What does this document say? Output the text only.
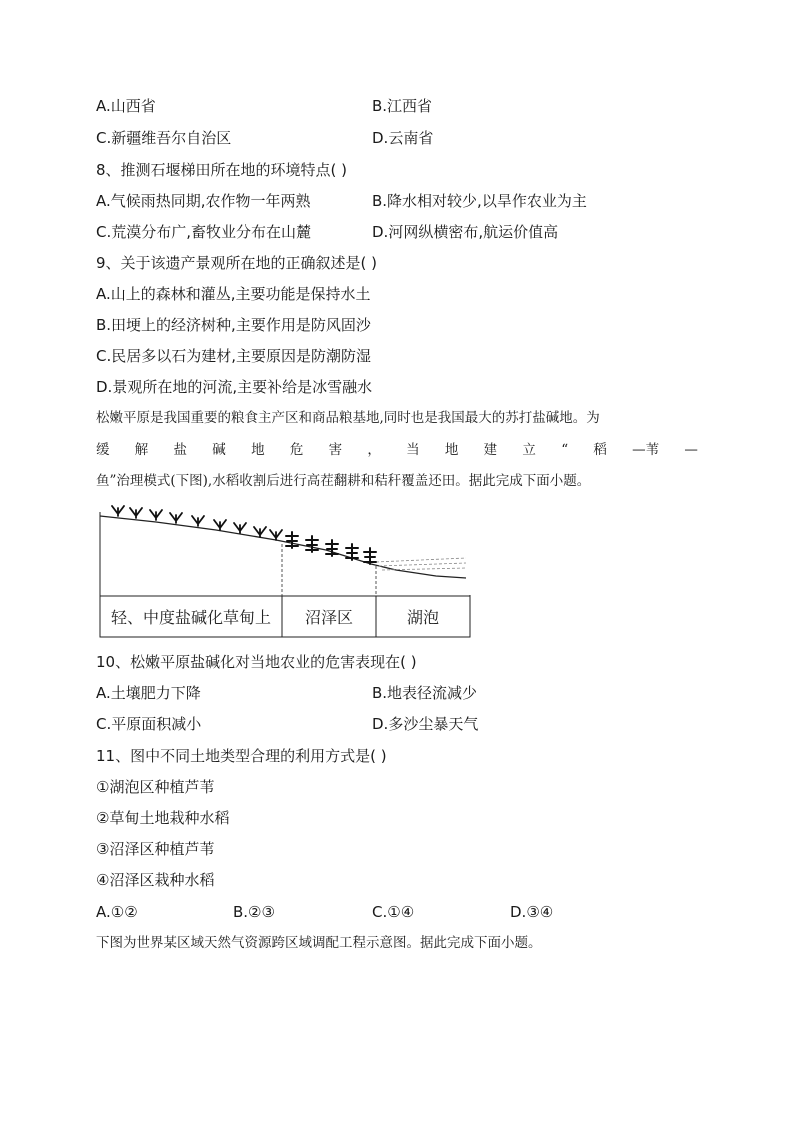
A.山西省	B.江西省
C.新疆维吾尔自治区	D.云南省
8、推测石堰梯田所在地的环境特点( )
A.气候雨热同期,农作物一年两熟	B.降水相对较少,以旱作农业为主
C.荒漠分布广,畜牧业分布在山麓	D.河网纵横密布,航运价值高
9、关于该遗产景观所在地的正确叙述是( )
A.山上的森林和灌丛,主要功能是保持水土
B.田埂上的经济树种,主要作用是防风固沙
C.民居多以石为建材,主要原因是防潮防湿
D.景观所在地的河流,主要补给是冰雪融水
松嫩平原是我国重要的粮食主产区和商品粮基地,同时也是我国最大的苏打盐碱地。为
缓 解 盐 碱 地 危 害 ， 当 地 建 立 “ 稻 —苇 —
鱼”治理模式(下图),水稻收割后进行高茬翻耕和秸秆覆盖还田。据此完成下面小题。
轻、中度盐碱化草甸上 沼泽区	湖泡
10、松嫩平原盐碱化对当地农业的危害表现在( )
A.土壤肥力下降	B.地表径流减少
C.平原面积减小	D.多沙尘暴天气
11、图中不同土地类型合理的利用方式是( )
①湖泡区种植芦苇
②草甸土地栽种水稻
③沼泽区种植芦苇
④沼泽区栽种水稻
A.①②	B.②③	C.①④	D.③④
下图为世界某区域天然气资源跨区域调配工程示意图。据此完成下面小题。
